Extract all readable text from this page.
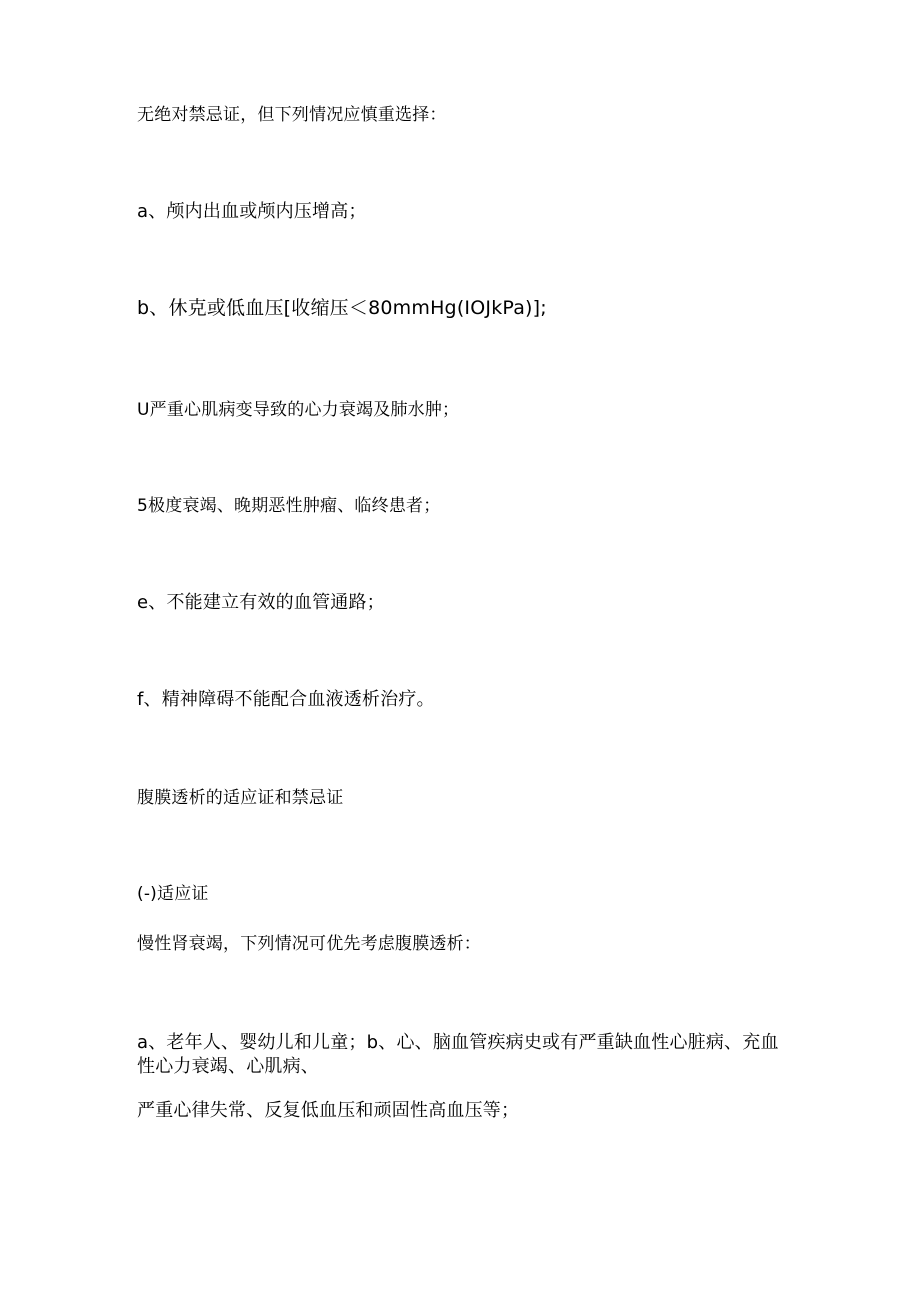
无绝对禁忌证，但下列情况应慎重选择：
a、颅内出血或颅内压增高；
b、休克或低血压[收缩压＜80mmHg(IOJkPa)];
U严重心肌病变导致的心力衰竭及肺水肿；
5极度衰竭、晚期恶性肿瘤、临终患者；
e、不能建立有效的血管通路；
f、精神障碍不能配合血液透析治疗。
腹膜透析的适应证和禁忌证
(-)适应证
慢性肾衰竭，下列情况可优先考虑腹膜透析：
a、老年人、婴幼儿和儿童；b、心、脑血管疾病史或有严重缺血性心脏病、充血性心力衰竭、心肌病、
严重心律失常、反复低血压和顽固性高血压等；
